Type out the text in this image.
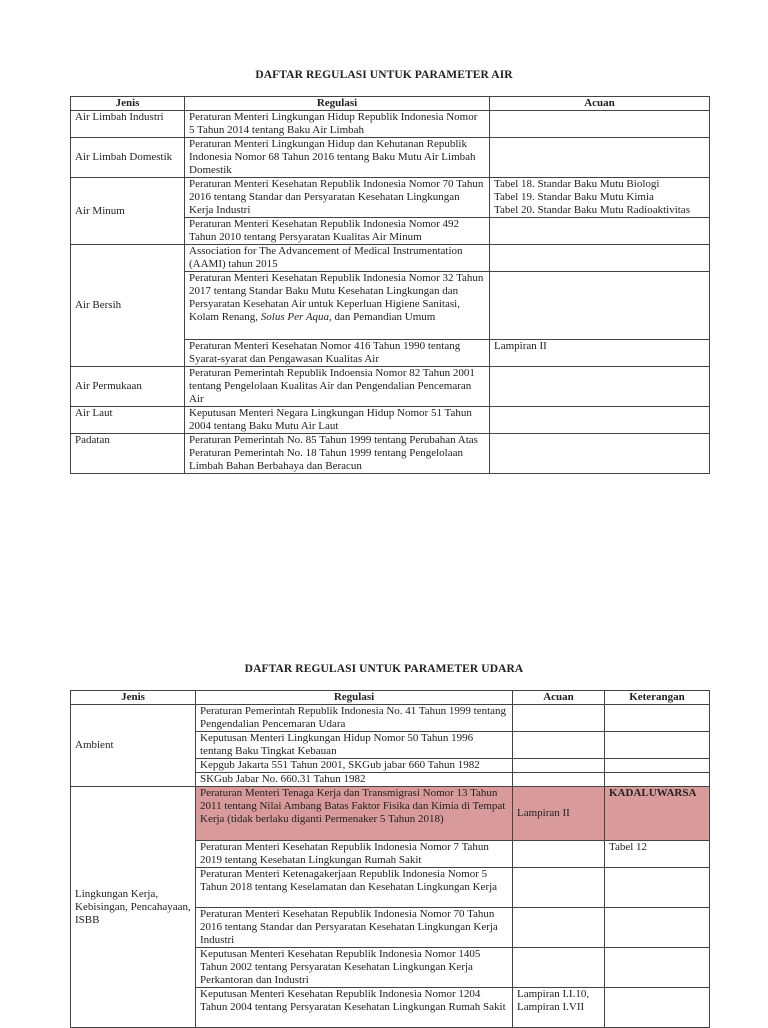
DAFTAR REGULASI UNTUK PARAMETER AIR
Jenis	Regulasi	Acuan
Air Limbah Industri	Peraturan Menteri Lingkungan Hidup Republik Indonesia Nomor 5 Tahun 2014 tentang Baku Air Limbah	
Air Limbah Domestik	Peraturan Menteri Lingkungan Hidup dan Kehutanan Republik Indonesia Nomor 68 Tahun 2016 tentang Baku Mutu Air Limbah Domestik	
Air Minum	Peraturan Menteri Kesehatan Republik Indonesia Nomor 70 Tahun 2016 tentang Standar dan Persyaratan Kesehatan Lingkungan Kerja Industri	Tabel 18. Standar Baku Mutu Biologi
Tabel 19. Standar Baku Mutu Kimia
Tabel 20. Standar Baku Mutu Radioaktivitas

	Peraturan Menteri Kesehatan Republik Indonesia Nomor 492 Tahun 2010 tentang Persyaratan Kualitas Air Minum	
Air Bersih	Association for The Advancement of Medical Instrumentation (AAMI) tahun 2015	
	Peraturan Menteri Kesehatan Republik Indonesia Nomor 32 Tahun 2017 tentang Standar Baku Mutu Kesehatan Lingkungan dan Persyaratan Kesehatan Air untuk Keperluan Higiene Sanitasi, Kolam Renang, Solus Per Aqua, dan Pemandian Umum	
	Peraturan Menteri Kesehatan Nomor 416 Tahun 1990 tentang Syarat-syarat dan Pengawasan Kualitas Air	Lampiran II
Air Permukaan	Peraturan Pemerintah Republik Indoensia Nomor 82 Tahun 2001 tentang Pengelolaan Kualitas Air dan Pengendalian Pencemaran Air	
Air Laut	Keputusan Menteri Negara Lingkungan Hidup Nomor 51 Tahun 2004 tentang Baku Mutu Air Laut	
Padatan	Peraturan Pemerintah No. 85 Tahun 1999 tentang Perubahan Atas Peraturan Pemerintah No. 18 Tahun 1999 tentang Pengelolaan Limbah Bahan Berbahaya dan Beracun	
DAFTAR REGULASI UNTUK PARAMETER UDARA
Jenis	Regulasi	Acuan	Keterangan
Ambient	Peraturan Pemerintah Republik Indonesia No. 41 Tahun 1999 tentang Pengendalian Pencemaran Udara		
	Keputusan Menteri Lingkungan Hidup Nomor 50 Tahun 1996 tentang Baku Tingkat Kebauan		
	Kepgub Jakarta 551 Tahun 2001, SKGub jabar 660 Tahun 1982		
	SKGub Jabar No. 660.31 Tahun 1982		
Lingkungan Kerja, Kebisingan, Pencahayaan, ISBB	Peraturan Menteri Tenaga Kerja dan Transmigrasi Nomor 13 Tahun 2011 tentang Nilai Ambang Batas Faktor Fisika dan Kimia di Tempat Kerja (tidak berlaku diganti Permenaker 5 Tahun 2018)	Lampiran II	KADALUWARSA
	Peraturan Menteri Kesehatan Republik Indonesia Nomor 7 Tahun 2019 tentang Kesehatan Lingkungan Rumah Sakit		Tabel 12
	Peraturan Menteri Ketenagakerjaan Republik Indonesia Nomor 5 Tahun 2018 tentang Keselamatan dan Kesehatan Lingkungan Kerja		
	Peraturan Menteri Kesehatan Republik Indonesia Nomor 70 Tahun 2016 tentang Standar dan Persyaratan Kesehatan Lingkungan Kerja Industri		
	Keputusan Menteri Kesehatan Republik Indonesia Nomor 1405 Tahun 2002 tentang Persyaratan Kesehatan Lingkungan Kerja Perkantoran dan Industri		
	Keputusan Menteri Kesehatan Republik Indonesia Nomor 1204 Tahun 2004 tentang Persyaratan Kesehatan Lingkungan Rumah Sakit	Lampiran I.I.10,
Lampiran I.VII	
